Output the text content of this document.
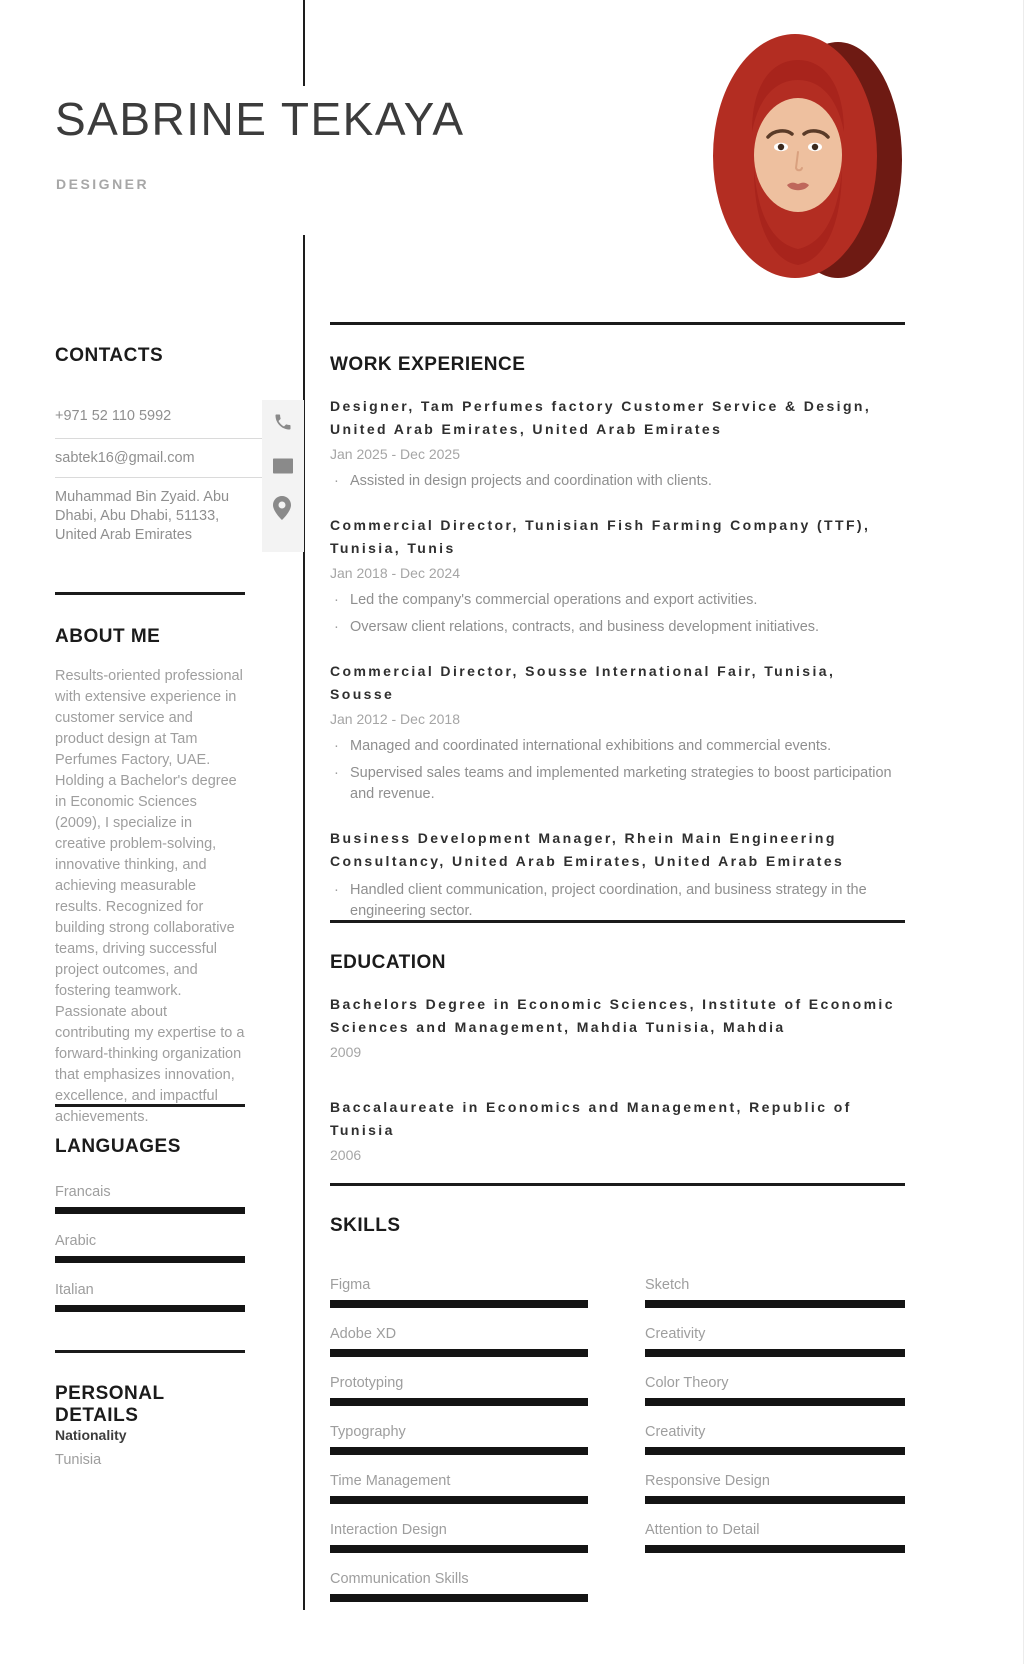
SABRINE TEKAYA
DESIGNER
CONTACTS
+971 52 110 5992
sabtek16@gmail.com
Muhammad Bin Zyaid. Abu Dhabi, Abu Dhabi, 51133, United Arab Emirates
ABOUT ME
Results-oriented professional with extensive experience in customer service and product design at Tam Perfumes Factory, UAE. Holding a Bachelor's degree in Economic Sciences (2009), I specialize in creative problem-solving, innovative thinking, and achieving measurable results. Recognized for building strong collaborative teams, driving successful project outcomes, and fostering teamwork. Passionate about contributing my expertise to a forward-thinking organization that emphasizes innovation, excellence, and impactful achievements.
LANGUAGES
Francais
Arabic
Italian
PERSONAL DETAILS
Nationality
Tunisia
WORK EXPERIENCE
Designer, Tam Perfumes factory Customer Service & Design, United Arab Emirates, United Arab Emirates
Jan 2025 - Dec 2025
· Assisted in design projects and coordination with clients.
Commercial Director, Tunisian Fish Farming Company (TTF), Tunisia, Tunis
Jan 2018 - Dec 2024
· Led the company's commercial operations and export activities.
· Oversaw client relations, contracts, and business development initiatives.
Commercial Director, Sousse International Fair, Tunisia, Sousse
Jan 2012 - Dec 2018
· Managed and coordinated international exhibitions and commercial events.
· Supervised sales teams and implemented marketing strategies to boost participation and revenue.
Business Development Manager, Rhein Main Engineering Consultancy, United Arab Emirates, United Arab Emirates
· Handled client communication, project coordination, and business strategy in the engineering sector.
EDUCATION
Bachelors Degree in Economic Sciences, Institute of Economic Sciences and Management, Mahdia Tunisia, Mahdia
2009
Baccalaureate in Economics and Management, Republic of Tunisia
2006
SKILLS
Figma
Adobe XD
Prototyping
Typography
Time Management
Interaction Design
Communication Skills
Sketch
Creativity
Color Theory
Creativity
Responsive Design
Attention to Detail
